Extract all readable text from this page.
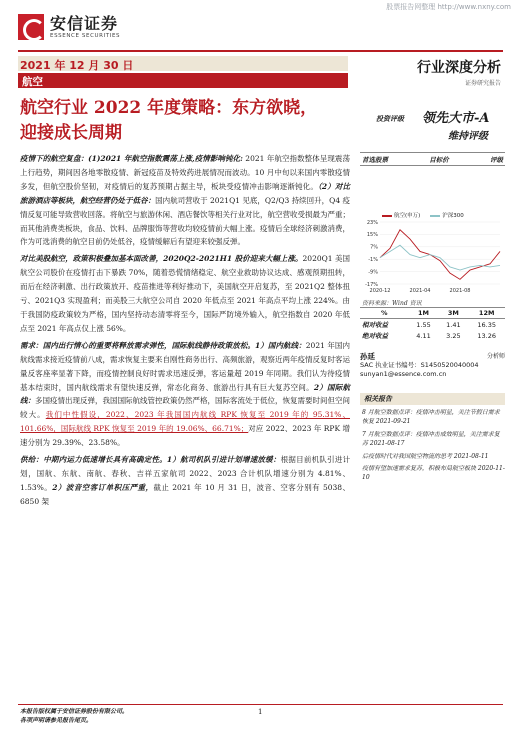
股票报告网整理 http://www.nxny.com
安信证券
ESSENCE SECURITIES
2021 年 12 月 30 日
航空
行业深度分析
证券研究报告
航空行业 2022 年度策略：东方欲晓，
迎接成长周期
投资评级 领先大市-A
维持评级

疫情下的航空复盘：(1)2021 年航空指数震荡上涨,疫情影响钝化: 2021 年航空指数整体呈现震荡上行趋势，期间因各地零散疫情、新冠疫苗及特效药进展情况而波动。10 月中旬以来国内零散疫情多发，但航空股价坚韧，对疫情后的复苏预期占据主导，板块受疫情冲击影响逐渐钝化。（2）对比旅游酒店等板块，航空经营仍处于低谷：国内航司营收于 2021Q1 见底，Q2/Q3 持续回升，Q4 疫情反复可能导致营收回落。将航空与旅游休闲、酒店餐饮等相关行业对比，航空营收受损最为严重；而其他消费类板块，食品、饮料、品牌服饰等营收均较疫情前大幅上涨。疫情后全球经济刺激消费，作为可选消费的航空目前仍处低谷，疫情缓解后有望迎来较强反弹。

对比美股航空，政策积极叠加基本面改善，2020Q2-2021H1 股价迎来大幅上涨。2020Q1 美国航空公司股价在疫情打击下暴跌 70%，随着恐慌情绪稳定、航空业救助协议达成、感观预期扭转，而后在经济刺激、出行政策放开、疫苗推进等利好推动下，美国航空开启复苏，至 2021Q2 整体扭亏、2021Q3 实现盈利；而美股三大航空公司自 2020 年低点至 2021 年高点平均上涨 224%。由于我国防疫政策较为严格，国内坚持动态清零将至今，国际严防境外输入，航空指数自 2020 年低点至 2021 年高点仅上涨 56%。

需求：国内出行情心的重要将释放需求弹性，国际航线静待政策放松。1）国内航线：2021 年国内航线需求接近疫情前八成，需求恢复主要来自刚性商务出行、高频旅游，观察近两年疫情反复时客运量反客座率显著下降，而疫情控制良好时需求迅速反弹，客运量超 2019 年同期。我们认为待疫情基本结束时，国内航线需求有望快速反弹，常态化商务、旅游出行具有巨大复苏空间。2）国际航线：多国疫情出现反弹，我国国际航线管控政策仍然严格，国际客流处于低位，恢复需要时间但空间较大。我们中性假设，2022、2023 年我国国内航线 RPK 恢复至 2019 年的 95.31%、101.66%，国际航线 RPK 恢复至 2019 年的 19.06%、66.71%；对应 2022、2023 年 RPK 增速分别为 29.39%、23.58%。

供给：中期内运力低速增长具有高确定性。1）航司机队引进计划增速放缓：根据目前机队引进计划，国航、东航、南航、春秋、吉祥五家航司 2022、2023 合计机队增速分别为 4.81%、1.53%。2）波音空客订单积压严重，截止 2021 年 10 月 31 日，波音、空客分别有 5038、6850 架

首选股票	目标价	评级
航空(申万)	沪深300
23%
15%
7%
-1%
-9%
-17%
2020-12	2021-04	2021-08
资料来源：Wind 资讯
%	1M	3M	12M
相对收益	1.55	1.41	16.35
绝对收益	4.11	3.25	13.26
孙延	分析师
SAC 执业证书编号：S1450520040004
sunyan1@essence.com.cn
相关报告
8 月航空数据点评：疫情冲击明显，关注节假日需求恢复 2021-09-21
7 月航空数据点评：疫情冲击成效明显，关注需求复苏 2021-08-17
后疫情时代对我国航空物流的思考 2021-08-11
疫情有望加速需求复苏，积极布局航空板块 2020-11-10
本报告版权属于安信证券股份有限公司。
各项声明请参见报告尾页。
1
